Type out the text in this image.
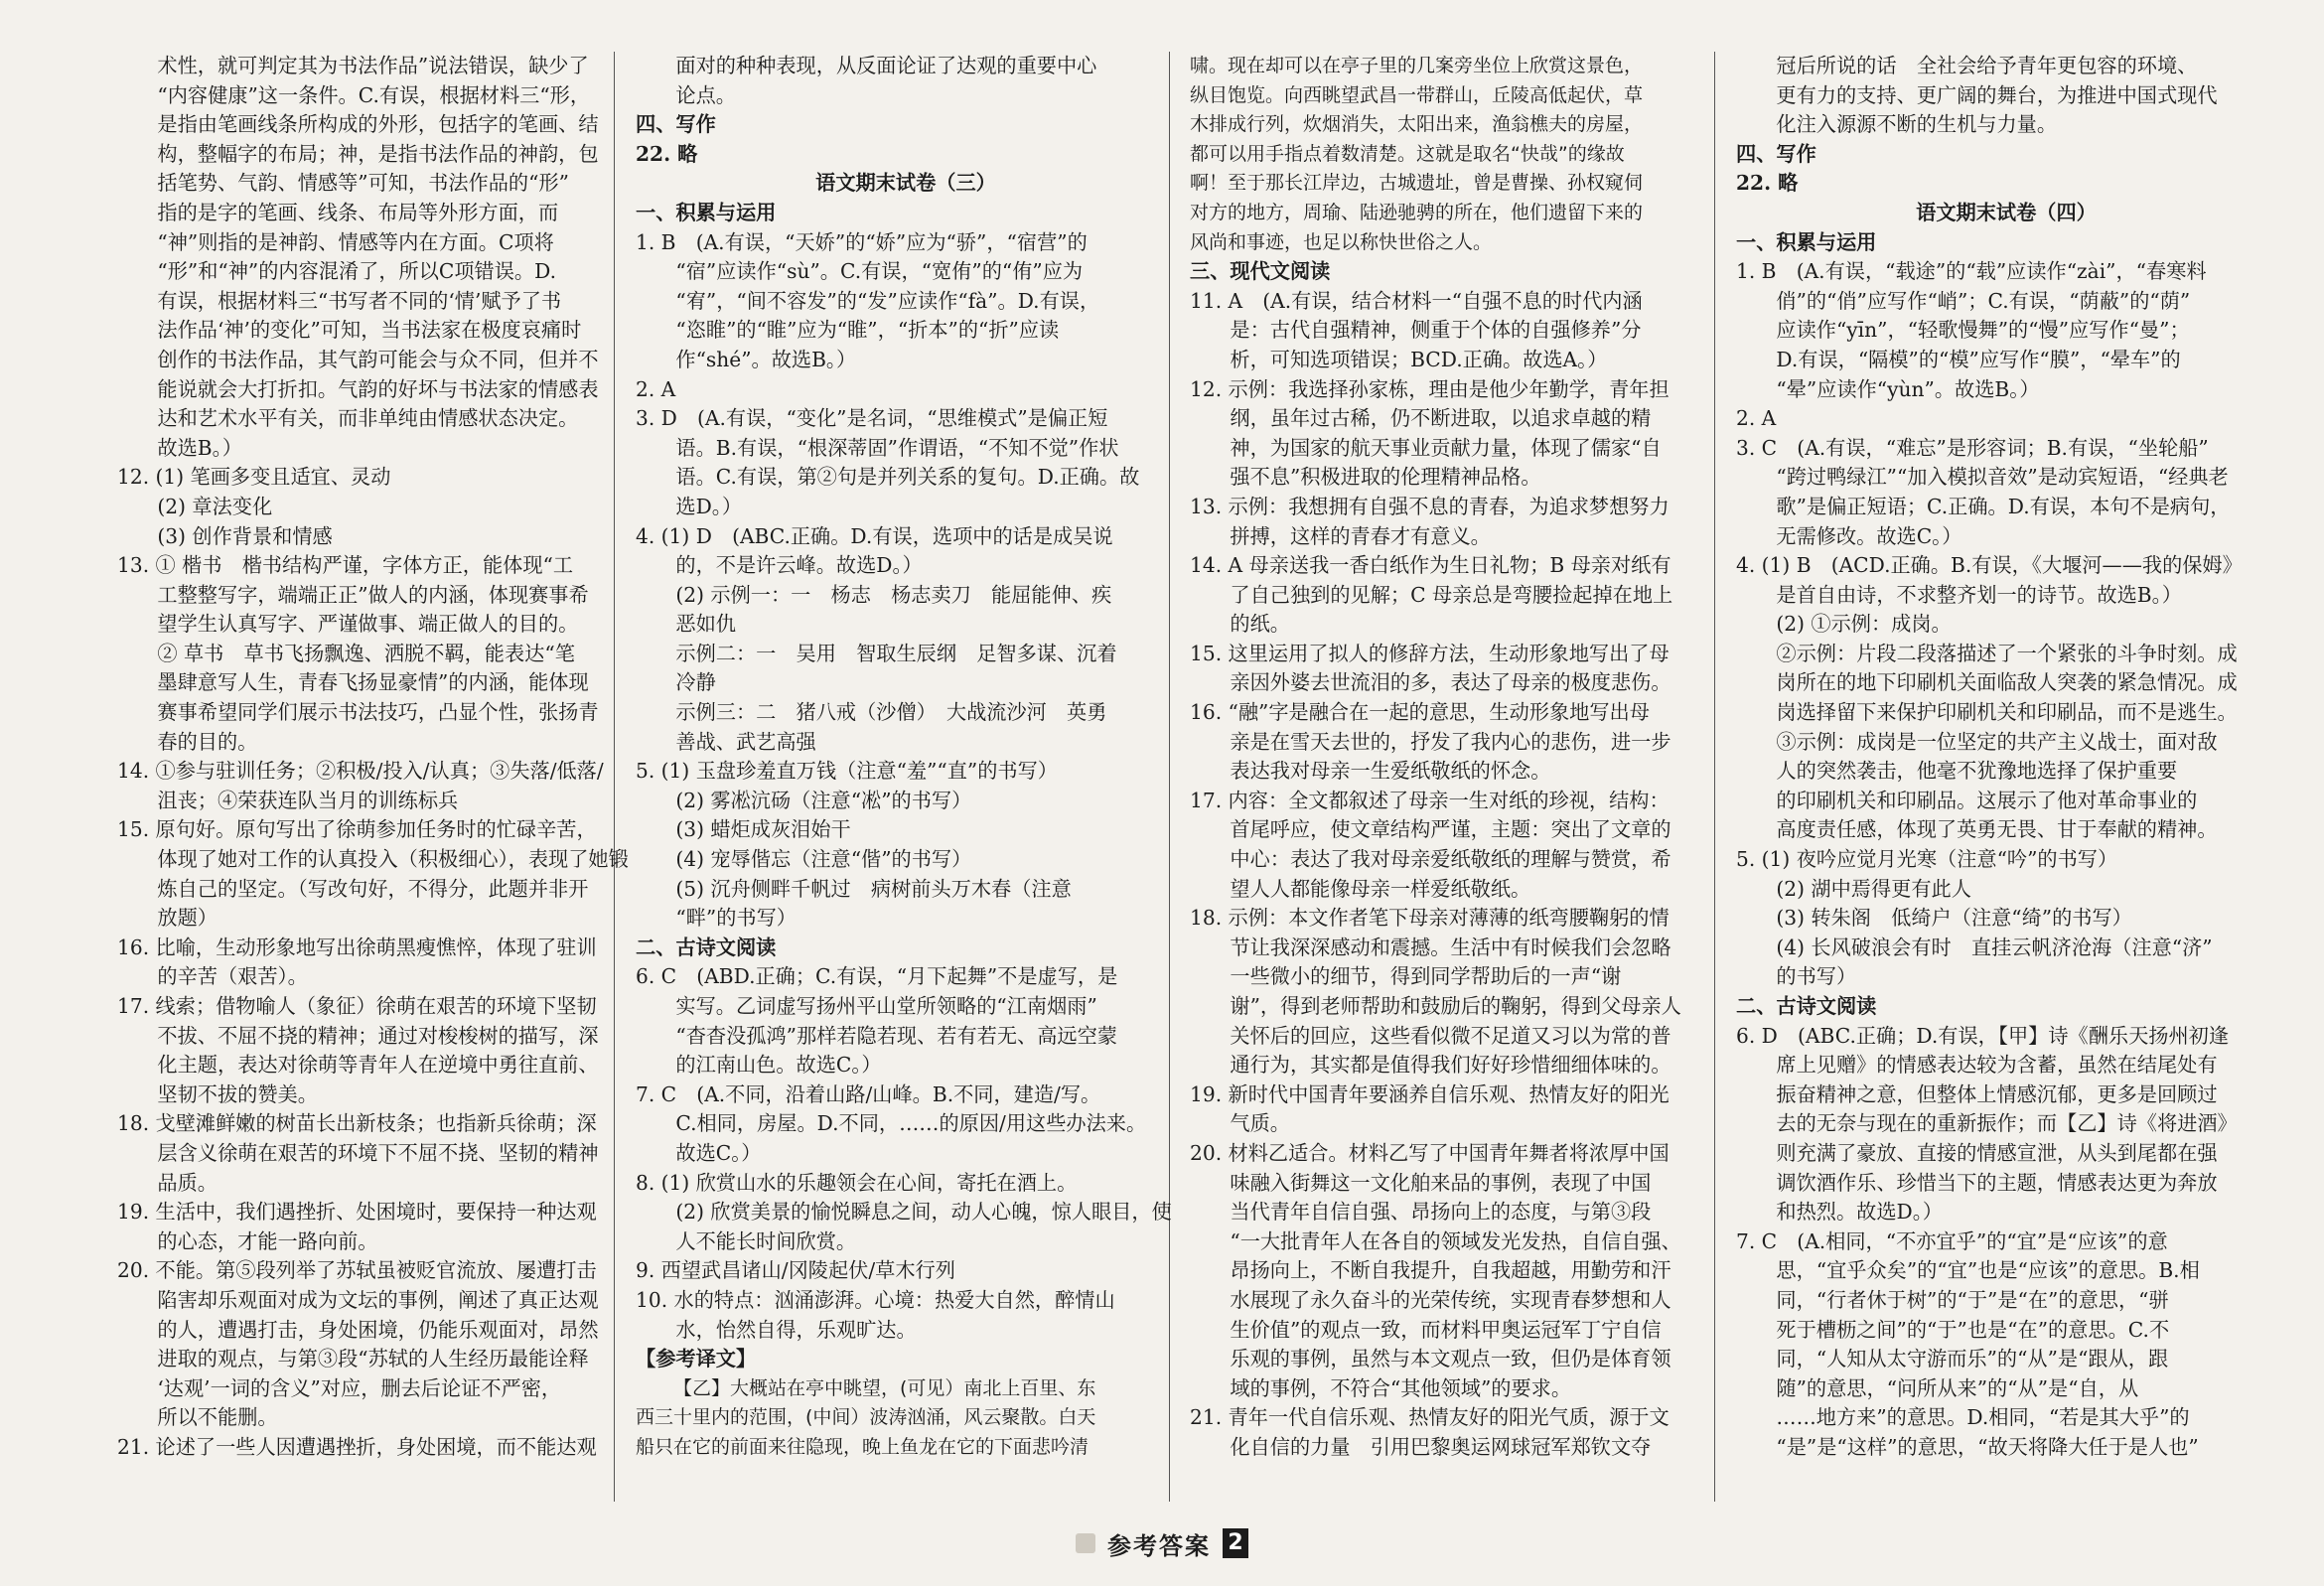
术性，就可判定其为书法作品”说法错误，缺少了
“内容健康”这一条件。C.有误，根据材料三“形，
是指由笔画线条所构成的外形，包括字的笔画、结
构，整幅字的布局；神，是指书法作品的神韵，包
括笔势、气韵、情感等”可知，书法作品的“形”
指的是字的笔画、线条、布局等外形方面，而
“神”则指的是神韵、情感等内在方面。C项将
“形”和“神”的内容混淆了，所以C项错误。D.
有误，根据材料三“书写者不同的‘情’赋予了书
法作品‘神’的变化”可知，当书法家在极度哀痛时
创作的书法作品，其气韵可能会与众不同，但并不
能说就会大打折扣。气韵的好坏与书法家的情感表
达和艺术水平有关，而非单纯由情感状态决定。
故选B。）
12. (1) 笔画多变且适宜、灵动
(2) 章法变化
(3) 创作背景和情感
13. ① 楷书　楷书结构严谨，字体方正，能体现“工
工整整写字，端端正正”做人的内涵，体现赛事希
望学生认真写字、严谨做事、端正做人的目的。
② 草书　草书飞扬飘逸、洒脱不羁，能表达“笔
墨肆意写人生，青春飞扬显豪情”的内涵，能体现
赛事希望同学们展示书法技巧，凸显个性，张扬青
春的目的。
14. ①参与驻训任务；②积极/投入/认真；③失落/低落/
沮丧；④荣获连队当月的训练标兵
15. 原句好。原句写出了徐萌参加任务时的忙碌辛苦，
体现了她对工作的认真投入（积极细心），表现了她锻
炼自己的坚定。（写改句好，不得分，此题并非开
放题）
16. 比喻，生动形象地写出徐萌黑瘦憔悴，体现了驻训
的辛苦（艰苦）。
17. 线索；借物喻人（象征）徐萌在艰苦的环境下坚韧
不拔、不屈不挠的精神；通过对梭梭树的描写，深
化主题，表达对徐萌等青年人在逆境中勇往直前、
坚韧不拔的赞美。
18. 戈壁滩鲜嫩的树苗长出新枝条；也指新兵徐萌；深
层含义徐萌在艰苦的环境下不屈不挠、坚韧的精神
品质。
19. 生活中，我们遇挫折、处困境时，要保持一种达观
的心态，才能一路向前。
20. 不能。第⑤段列举了苏轼虽被贬官流放、屡遭打击
陷害却乐观面对成为文坛的事例，阐述了真正达观
的人，遭遇打击，身处困境，仍能乐观面对，昂然
进取的观点，与第③段“苏轼的人生经历最能诠释
‘达观’一词的含义”对应，删去后论证不严密，
所以不能删。
21. 论述了一些人因遭遇挫折，身处困境，而不能达观
面对的种种表现，从反面论证了达观的重要中心
论点。
四、写作
22. 略
语文期末试卷（三）
一、积累与运用
1. B　(A.有误，“天娇”的“娇”应为“骄”，“宿营”的
“宿”应读作“sù”。C.有误，“宽侑”的“侑”应为
“宥”，“间不容发”的“发”应读作“fà”。D.有误，
“恣睢”的“睢”应为“睢”，“折本”的“折”应读
作“shé”。故选B。）
2. A
3. D　(A.有误，“变化”是名词，“思维模式”是偏正短
语。B.有误，“根深蒂固”作谓语，“不知不觉”作状
语。C.有误，第②句是并列关系的复句。D.正确。故
选D。）
4. (1) D　(ABC.正确。D.有误，选项中的话是成吴说
的，不是许云峰。故选D。）
(2) 示例一：一　杨志　杨志卖刀　能屈能伸、疾
恶如仇
示例二：一　吴用　智取生辰纲　足智多谋、沉着
冷静
示例三：二　猪八戒（沙僧）　大战流沙河　英勇
善战、武艺高强
5. (1) 玉盘珍羞直万钱（注意“羞”“直”的书写）
(2) 雾凇沆砀（注意“凇”的书写）
(3) 蜡炬成灰泪始干
(4) 宠辱偕忘（注意“偕”的书写）
(5) 沉舟侧畔千帆过　病树前头万木春（注意
“畔”的书写）
二、古诗文阅读
6. C　(ABD.正确；C.有误，“月下起舞”不是虚写，是
实写。乙词虚写扬州平山堂所领略的“江南烟雨”
“杳杳没孤鸿”那样若隐若现、若有若无、高远空蒙
的江南山色。故选C。）
7. C　(A.不同，沿着山路/山峰。B.不同，建造/写。
C.相同，房屋。D.不同，……的原因/用这些办法来。
故选C。）
8. (1) 欣赏山水的乐趣领会在心间，寄托在酒上。
(2) 欣赏美景的愉悦瞬息之间，动人心魄，惊人眼目，使
人不能长时间欣赏。
9. 西望武昌诸山/冈陵起伏/草木行列
10. 水的特点：汹涌澎湃。心境：热爱大自然，醉情山
水，怡然自得，乐观旷达。
【参考译文】
【乙】大概站在亭中眺望，(可见）南北上百里、东
西三十里内的范围，(中间）波涛汹涌，风云聚散。白天
船只在它的前面来往隐现，晚上鱼龙在它的下面悲吟清
啸。现在却可以在亭子里的几案旁坐位上欣赏这景色，
纵目饱览。向西眺望武昌一带群山，丘陵高低起伏，草
木排成行列，炊烟消失，太阳出来，渔翁樵夫的房屋，
都可以用手指点着数清楚。这就是取名“快哉”的缘故
啊！至于那长江岸边，古城遗址，曾是曹操、孙权窥伺
对方的地方，周瑜、陆逊驰骋的所在，他们遗留下来的
风尚和事迹，也足以称快世俗之人。
三、现代文阅读
11. A　(A.有误，结合材料一“自强不息的时代内涵
是：古代自强精神，侧重于个体的自强修养”分
析，可知选项错误；BCD.正确。故选A。）
12. 示例：我选择孙家栋，理由是他少年勤学，青年担
纲，虽年过古稀，仍不断进取，以追求卓越的精
神，为国家的航天事业贡献力量，体现了儒家“自
强不息”积极进取的伦理精神品格。
13. 示例：我想拥有自强不息的青春，为追求梦想努力
拼搏，这样的青春才有意义。
14. A 母亲送我一香白纸作为生日礼物；B 母亲对纸有
了自己独到的见解；C 母亲总是弯腰捡起掉在地上
的纸。
15. 这里运用了拟人的修辞方法，生动形象地写出了母
亲因外婆去世流泪的多，表达了母亲的极度悲伤。
16. “融”字是融合在一起的意思，生动形象地写出母
亲是在雪天去世的，抒发了我内心的悲伤，进一步
表达我对母亲一生爱纸敬纸的怀念。
17. 内容：全文都叙述了母亲一生对纸的珍视，结构：
首尾呼应，使文章结构严谨，主题：突出了文章的
中心：表达了我对母亲爱纸敬纸的理解与赞赏，希
望人人都能像母亲一样爱纸敬纸。
18. 示例：本文作者笔下母亲对薄薄的纸弯腰鞠躬的情
节让我深深感动和震撼。生活中有时候我们会忽略
一些微小的细节，得到同学帮助后的一声“谢
谢”，得到老师帮助和鼓励后的鞠躬，得到父母亲人
关怀后的回应，这些看似微不足道又习以为常的普
通行为，其实都是值得我们好好珍惜细细体味的。
19. 新时代中国青年要涵养自信乐观、热情友好的阳光
气质。
20. 材料乙适合。材料乙写了中国青年舞者将浓厚中国
味融入街舞这一文化舶来品的事例，表现了中国
当代青年自信自强、昂扬向上的态度，与第③段
“一大批青年人在各自的领域发光发热，自信自强、
昂扬向上，不断自我提升，自我超越，用勤劳和汗
水展现了永久奋斗的光荣传统，实现青春梦想和人
生价值”的观点一致，而材料甲奥运冠军丁宁自信
乐观的事例，虽然与本文观点一致，但仍是体育领
域的事例，不符合“其他领域”的要求。
21. 青年一代自信乐观、热情友好的阳光气质，源于文
化自信的力量　引用巴黎奥运网球冠军郑钦文夺
冠后所说的话　全社会给予青年更包容的环境、
更有力的支持、更广阔的舞台，为推进中国式现代
化注入源源不断的生机与力量。
四、写作
22. 略
语文期末试卷（四）
一、积累与运用
1. B　(A.有误，“载途”的“载”应读作“zài”，“春寒料
俏”的“俏”应写作“峭”；C.有误，“荫蔽”的“荫”
应读作“yīn”，“轻歌慢舞”的“慢”应写作“曼”；
D.有误，“隔模”的“模”应写作“膜”，“晕车”的
“晕”应读作“yùn”。故选B。）
2. A
3. C　(A.有误，“难忘”是形容词；B.有误，“坐轮船”
“跨过鸭绿江”“加入模拟音效”是动宾短语，“经典老
歌”是偏正短语；C.正确。D.有误，本句不是病句，
无需修改。故选C。）
4. (1) B　(ACD.正确。B.有误，《大堰河——我的保姆》
是首自由诗，不求整齐划一的诗节。故选B。）
(2) ①示例：成岗。
②示例：片段二段落描述了一个紧张的斗争时刻。成
岗所在的地下印刷机关面临敌人突袭的紧急情况。成
岗选择留下来保护印刷机关和印刷品，而不是逃生。
③示例：成岗是一位坚定的共产主义战士，面对敌
人的突然袭击，他毫不犹豫地选择了保护重要
的印刷机关和印刷品。这展示了他对革命事业的
高度责任感，体现了英勇无畏、甘于奉献的精神。
5. (1) 夜吟应觉月光寒（注意“吟”的书写）
(2) 湖中焉得更有此人
(3) 转朱阁　低绮户（注意“绮”的书写）
(4) 长风破浪会有时　直挂云帆济沧海（注意“济”
的书写）
二、古诗文阅读
6. D　(ABC.正确；D.有误，【甲】诗《酬乐天扬州初逢
席上见赠》的情感表达较为含蓄，虽然在结尾处有
振奋精神之意，但整体上情感沉郁，更多是回顾过
去的无奈与现在的重新振作；而【乙】诗《将进酒》
则充满了豪放、直接的情感宣泄，从头到尾都在强
调饮酒作乐、珍惜当下的主题，情感表达更为奔放
和热烈。故选D。）
7. C　(A.相同，“不亦宜乎”的“宜”是“应该”的意
思，“宜乎众矣”的“宜”也是“应该”的意思。B.相
同，“行者休于树”的“于”是“在”的意思，“骈
死于槽枥之间”的“于”也是“在”的意思。C.不
同，“人知从太守游而乐”的“从”是“跟从，跟
随”的意思，“问所从来”的“从”是“自，从
……地方来”的意思。D.相同，“若是其大乎”的
“是”是“这样”的意思，“故天将降大任于是人也”
参考答案 2
